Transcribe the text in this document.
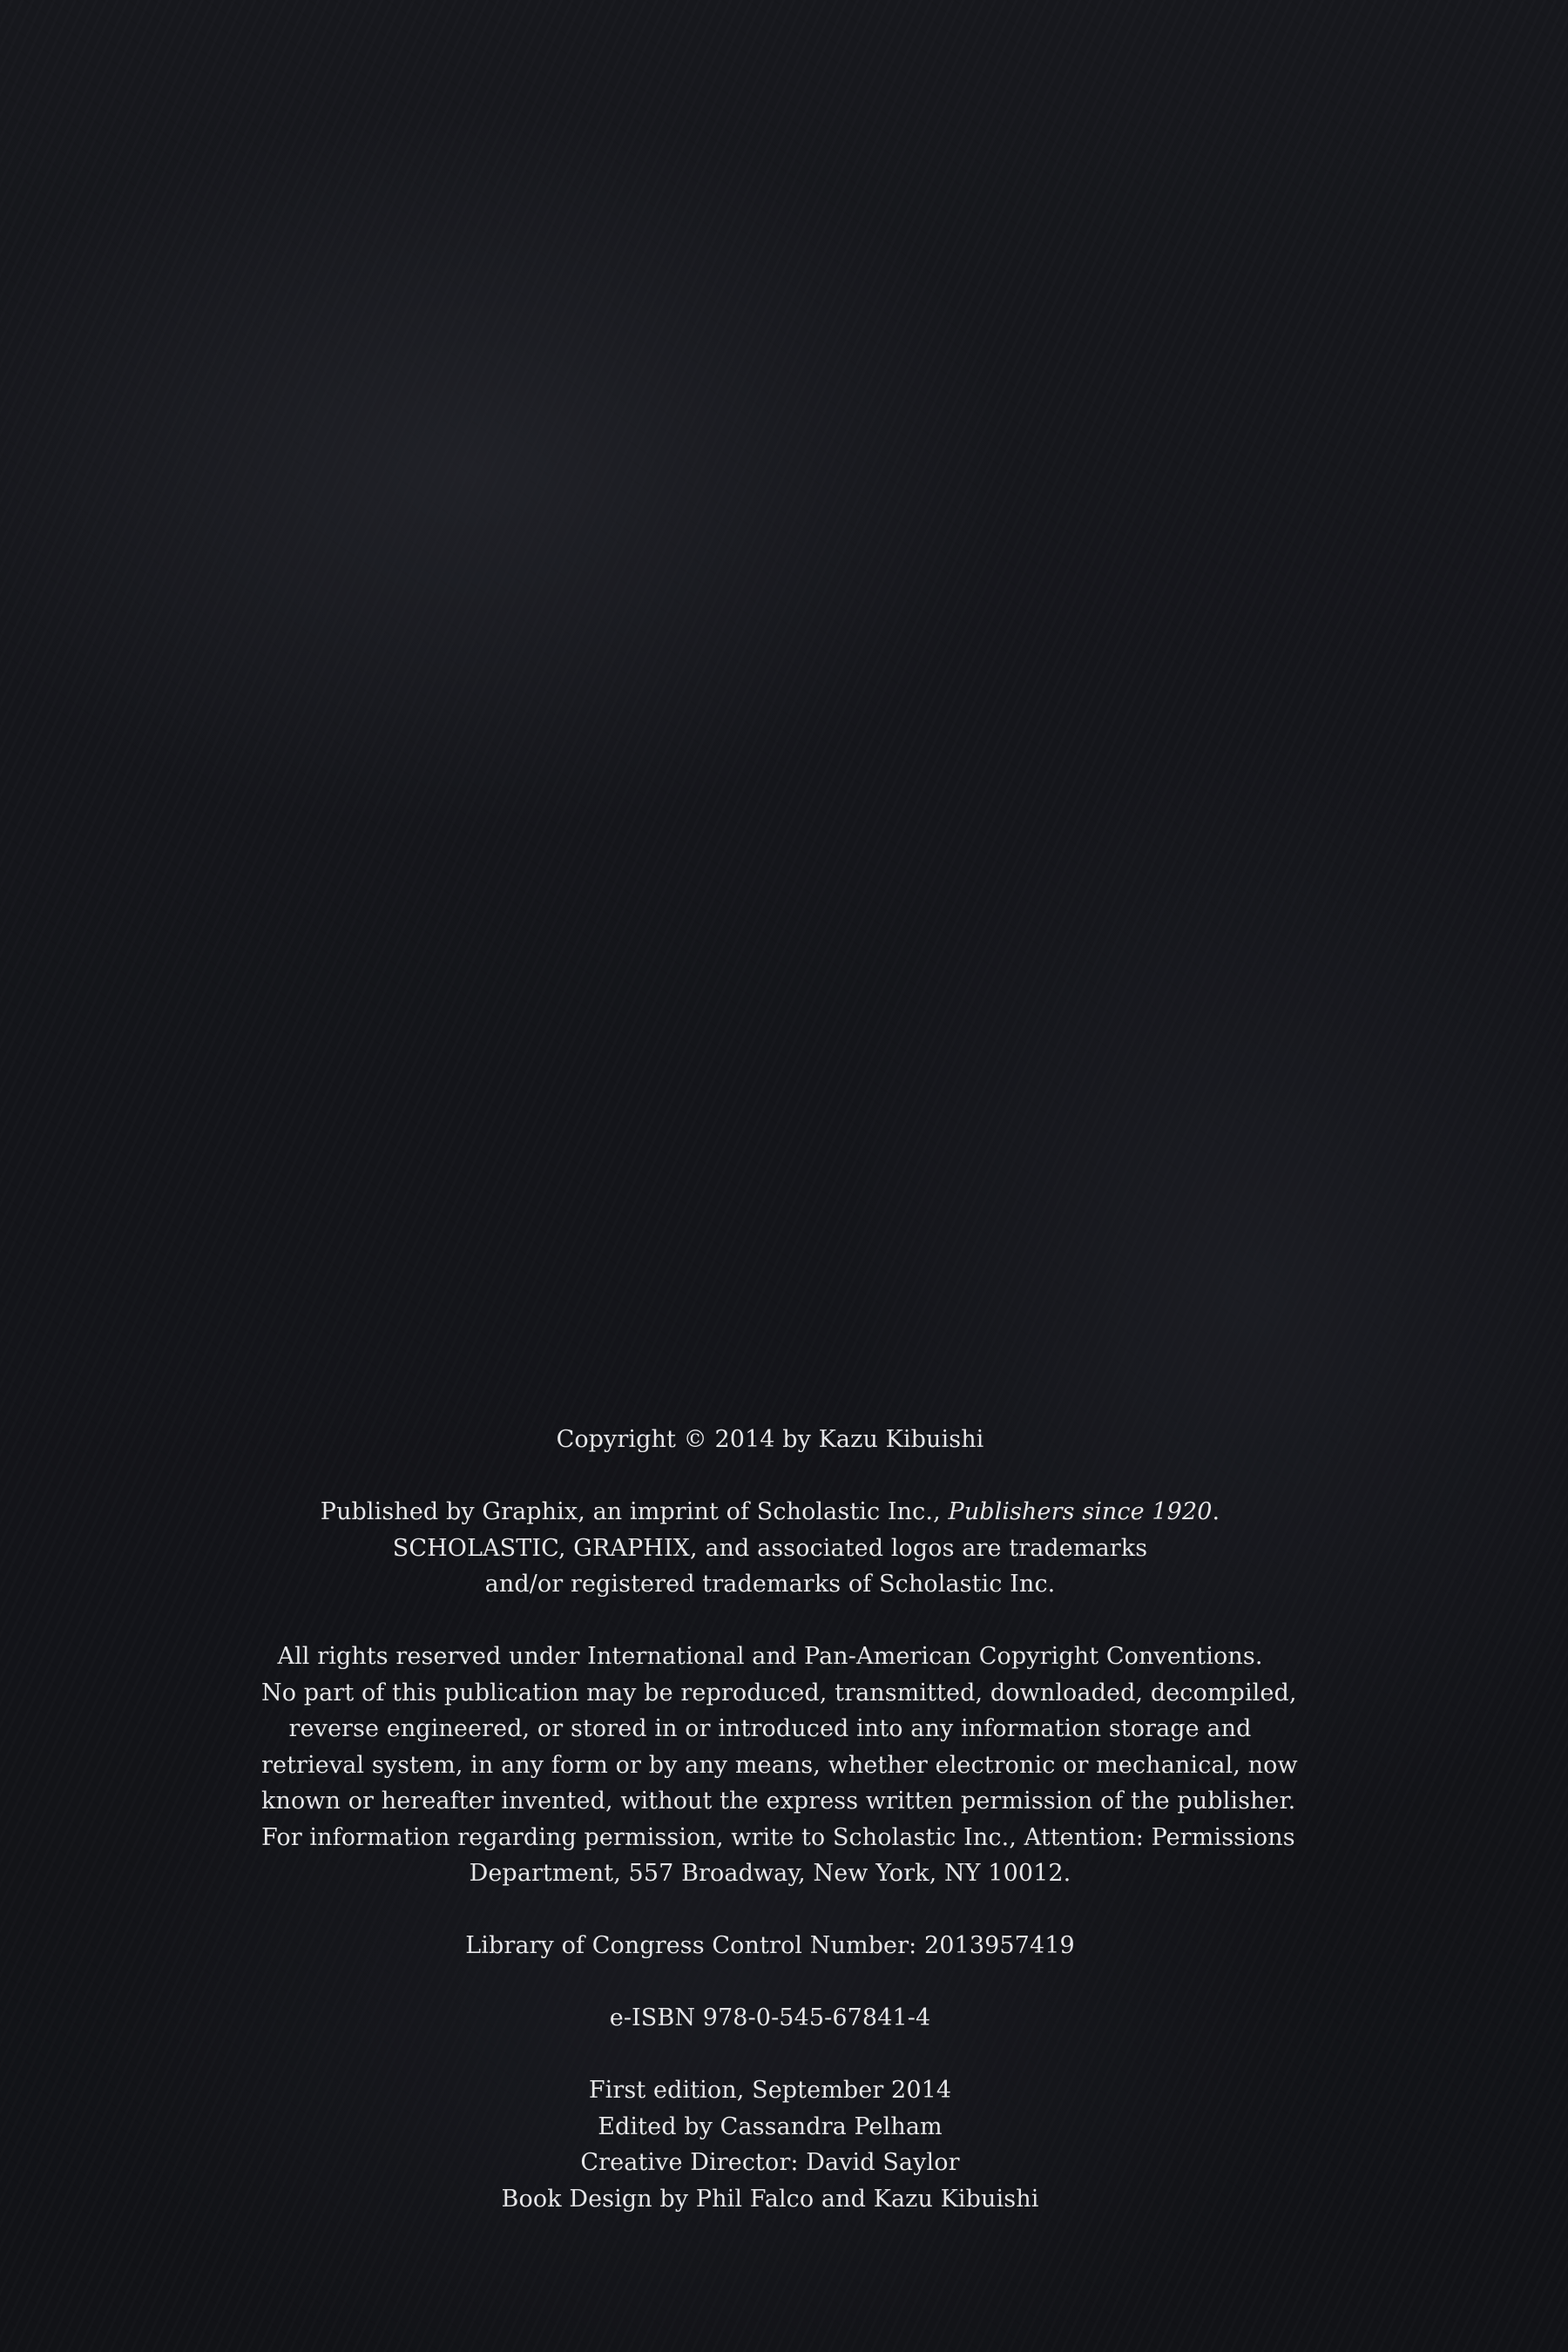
Copyright © 2014 by Kazu Kibuishi

Published by Graphix, an imprint of Scholastic Inc., Publishers since 1920.
SCHOLASTIC, GRAPHIX, and associated logos are trademarks
and/or registered trademarks of Scholastic Inc.

All rights reserved under International and Pan-American Copyright Conventions.
No part of this publication may be reproduced, transmitted, downloaded, decompiled,
reverse engineered, or stored in or introduced into any information storage and
retrieval system, in any form or by any means, whether electronic or mechanical, now
known or hereafter invented, without the express written permission of the publisher.
For information regarding permission, write to Scholastic Inc., Attention: Permissions
Department, 557 Broadway, New York, NY 10012.

Library of Congress Control Number: 2013957419

e-ISBN 978-0-545-67841-4

First edition, September 2014
Edited by Cassandra Pelham
Creative Director: David Saylor
Book Design by Phil Falco and Kazu Kibuishi
